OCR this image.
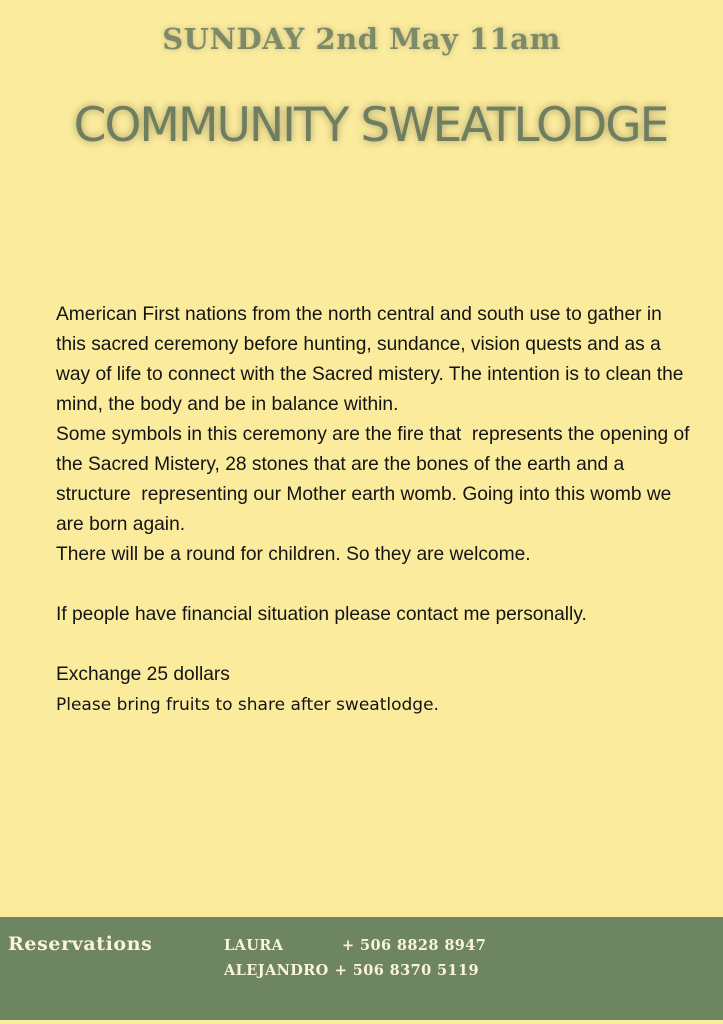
SUNDAY 2nd May 11am
COMMUNITY SWEATLODGE

American First nations from the north central and south use to gather in this sacred ceremony before hunting, sundance, vision quests and as a way of life to connect with the Sacred mistery. The intention is to clean the mind, the body and be in balance within.

Some symbols in this ceremony are the fire that  represents the opening of the Sacred Mistery, 28 stones that are the bones of the earth and a structure  representing our Mother earth womb. Going into this womb we are born again.

There will be a round for children. So they are welcome.

If people have financial situation please contact me personally.

Exchange 25 dollars

Please bring fruits to share after sweatlodge.

Reservations	LAURA	+ 506 8828 8947
ALEJANDRO + 506 8370 5119
